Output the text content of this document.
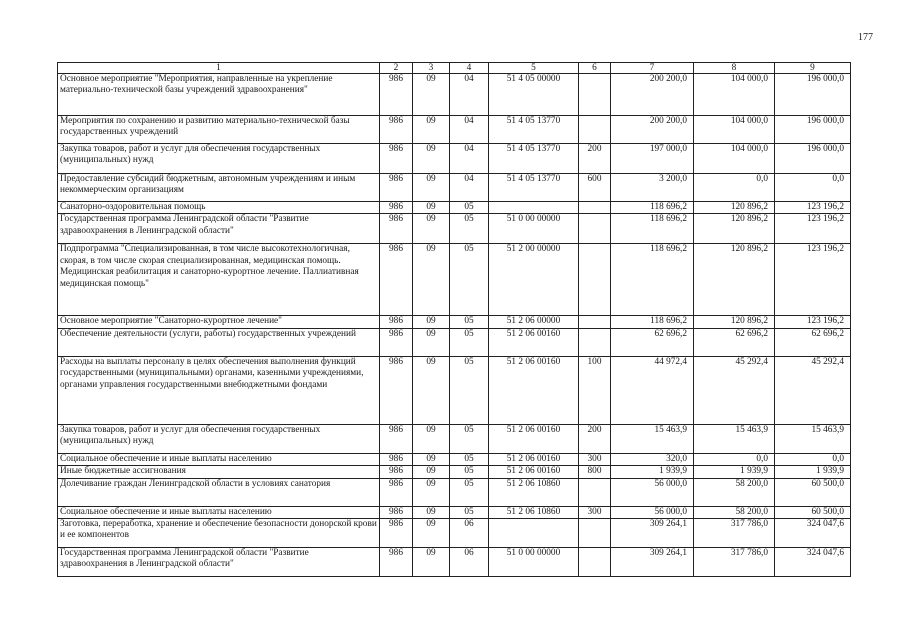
177
1	2	3	4	5	6	7	8	9
Основное мероприятие "Мероприятия, направленные на укрепление материально-технической базы учреждений здравоохранения"	986	09	04	51 4 05 00000		200 200,0	104 000,0	196 000,0
Мероприятия по сохранению и развитию материально-технической базы государственных учреждений	986	09	04	51 4 05 13770		200 200,0	104 000,0	196 000,0
Закупка товаров, работ и услуг для обеспечения государственных (муниципальных) нужд	986	09	04	51 4 05 13770	200	197 000,0	104 000,0	196 000,0
Предоставление субсидий бюджетным, автономным учреждениям и иным некоммерческим организациям	986	09	04	51 4 05 13770	600	3 200,0	0,0	0,0
Санаторно-оздоровительная помощь	986	09	05			118 696,2	120 896,2	123 196,2
Государственная программа Ленинградской области "Развитие здравоохранения в Ленинградской области"	986	09	05	51 0 00 00000		118 696,2	120 896,2	123 196,2
Подпрограмма "Специализированная, в том числе высокотехнологичная, скорая, в том числе скорая специализированная, медицинская помощь. Медицинская реабилитация и санаторно-курортное лечение. Паллиативная медицинская помощь"	986	09	05	51 2 00 00000		118 696,2	120 896,2	123 196,2
Основное мероприятие "Санаторно-курортное лечение"	986	09	05	51 2 06 00000		118 696,2	120 896,2	123 196,2
Обеспечение деятельности (услуги, работы) государственных учреждений	986	09	05	51 2 06 00160		62 696,2	62 696,2	62 696,2
Расходы на выплаты персоналу в целях обеспечения выполнения функций государственными (муниципальными) органами, казенными учреждениями, органами управления государственными внебюджетными фондами	986	09	05	51 2 06 00160	100	44 972,4	45 292,4	45 292,4
Закупка товаров, работ и услуг для обеспечения государственных (муниципальных) нужд	986	09	05	51 2 06 00160	200	15 463,9	15 463,9	15 463,9
Социальное обеспечение и иные выплаты населению	986	09	05	51 2 06 00160	300	320,0	0,0	0,0
Иные бюджетные ассигнования	986	09	05	51 2 06 00160	800	1 939,9	1 939,9	1 939,9
Долечивание граждан Ленинградской области в условиях санатория	986	09	05	51 2 06 10860		56 000,0	58 200,0	60 500,0
Социальное обеспечение и иные выплаты населению	986	09	05	51 2 06 10860	300	56 000,0	58 200,0	60 500,0
Заготовка, переработка, хранение и обеспечение безопасности донорской крови и ее компонентов	986	09	06			309 264,1	317 786,0	324 047,6
Государственная программа Ленинградской области "Развитие здравоохранения в Ленинградской области"	986	09	06	51 0 00 00000		309 264,1	317 786,0	324 047,6
